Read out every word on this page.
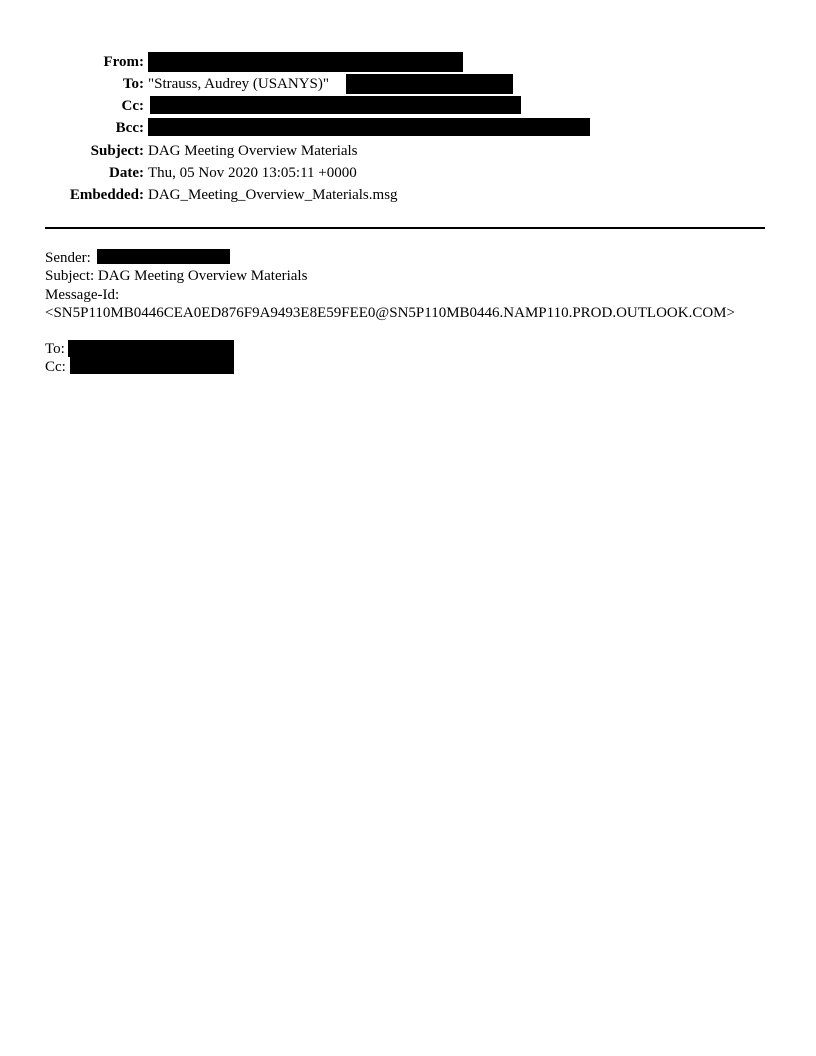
From:
To: "Strauss, Audrey (USANYS)"
Cc:
Bcc:
Subject: DAG Meeting Overview Materials
Date: Thu, 05 Nov 2020 13:05:11 +0000
Embedded: DAG_Meeting_Overview_Materials.msg
Sender:
Subject: DAG Meeting Overview Materials
Message-Id:
<SN5P110MB0446CEA0ED876F9A9493E8E59FEE0@SN5P110MB0446.NAMP110.PROD.OUTLOOK.COM>
To:
Cc:
